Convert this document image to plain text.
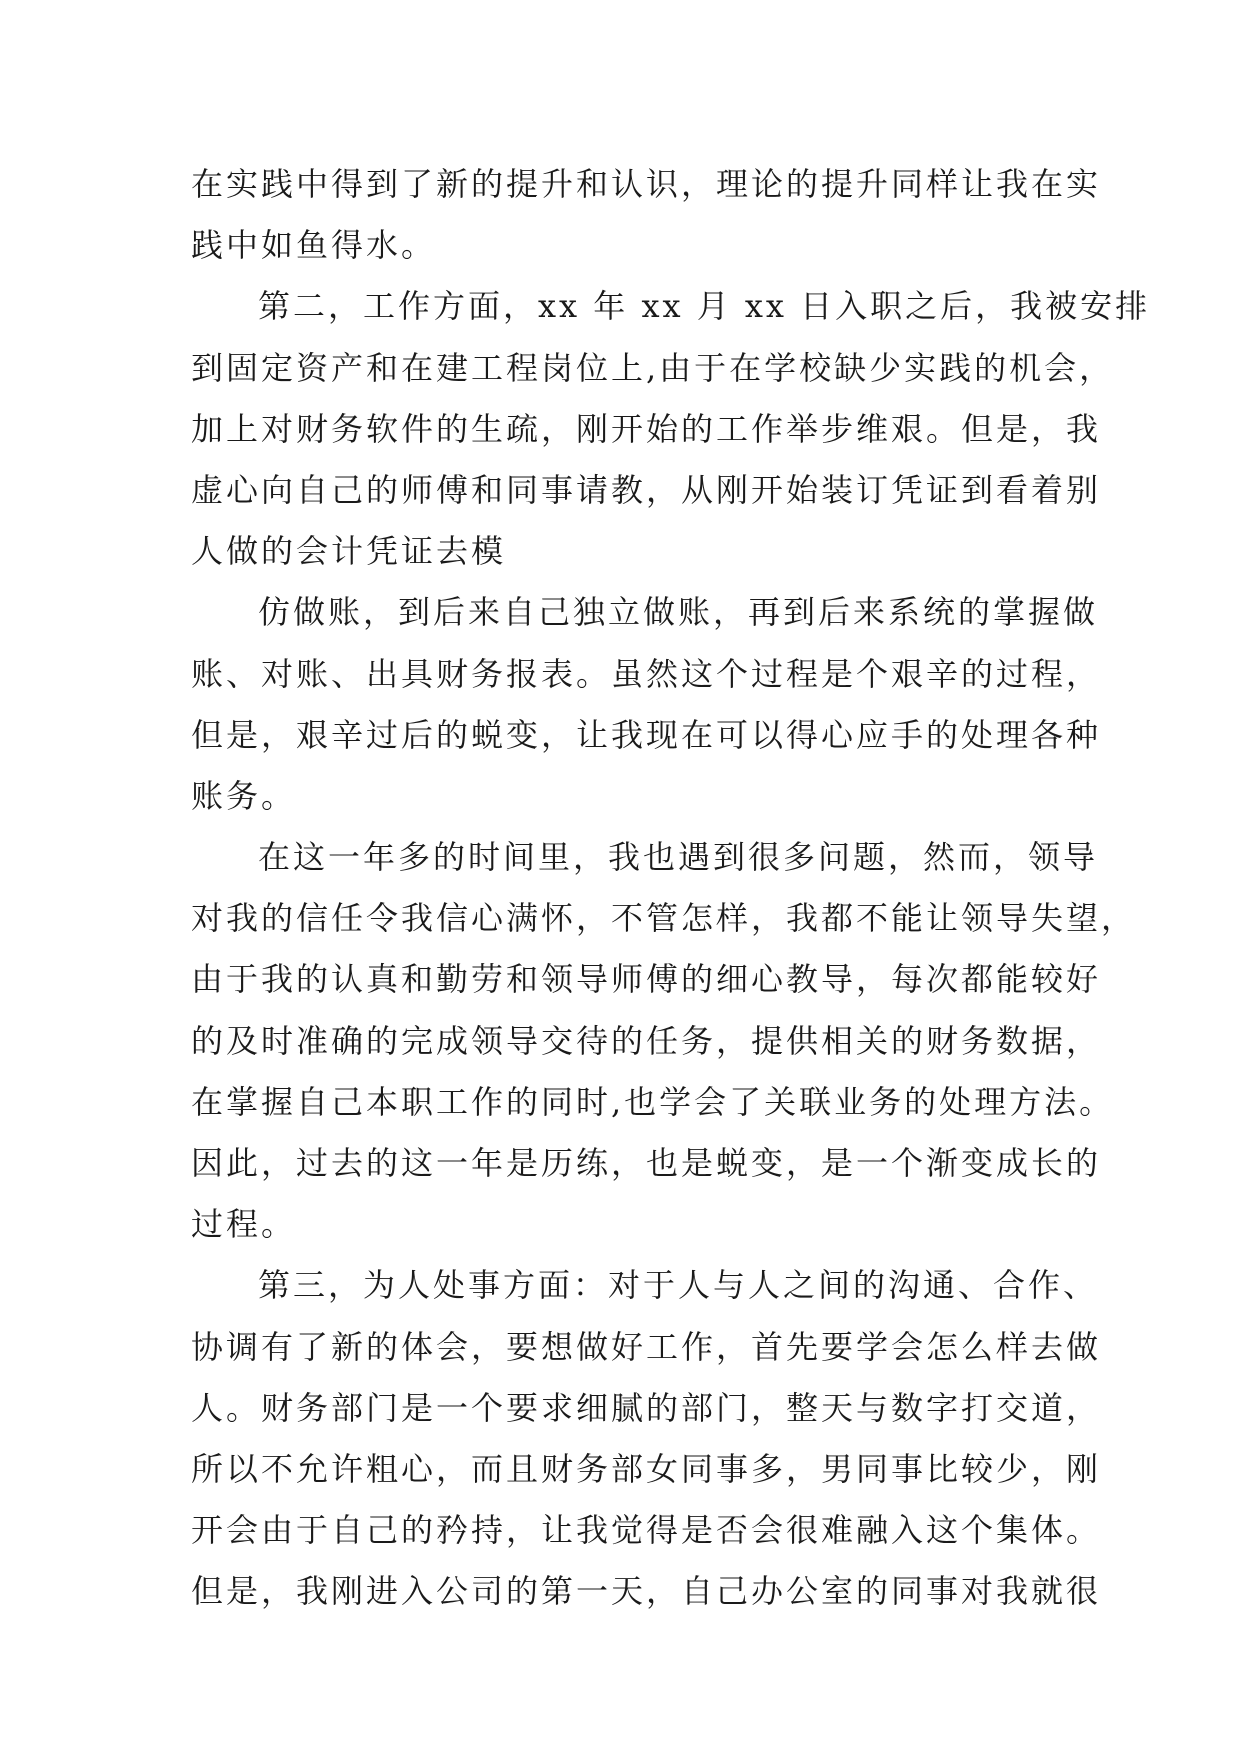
在实践中得到了新的提升和认识，理论的提升同样让我在实
践中如鱼得水。
第二，工作方面，xx 年 xx 月 xx 日入职之后，我被安排
到固定资产和在建工程岗位上,由于在学校缺少实践的机会，
加上对财务软件的生疏，刚开始的工作举步维艰。但是，我
虚心向自己的师傅和同事请教，从刚开始装订凭证到看着别
人做的会计凭证去模
仿做账，到后来自己独立做账，再到后来系统的掌握做
账、对账、出具财务报表。虽然这个过程是个艰辛的过程，
但是，艰辛过后的蜕变，让我现在可以得心应手的处理各种
账务。
在这一年多的时间里，我也遇到很多问题，然而，领导
对我的信任令我信心满怀，不管怎样，我都不能让领导失望，
由于我的认真和勤劳和领导师傅的细心教导，每次都能较好
的及时准确的完成领导交待的任务，提供相关的财务数据，
在掌握自己本职工作的同时,也学会了关联业务的处理方法。
因此，过去的这一年是历练，也是蜕变，是一个渐变成长的
过程。
第三，为人处事方面：对于人与人之间的沟通、合作、
协调有了新的体会，要想做好工作，首先要学会怎么样去做
人。财务部门是一个要求细腻的部门，整天与数字打交道，
所以不允许粗心，而且财务部女同事多，男同事比较少，刚
开会由于自己的矜持，让我觉得是否会很难融入这个集体。
但是，我刚进入公司的第一天，自己办公室的同事对我就很
